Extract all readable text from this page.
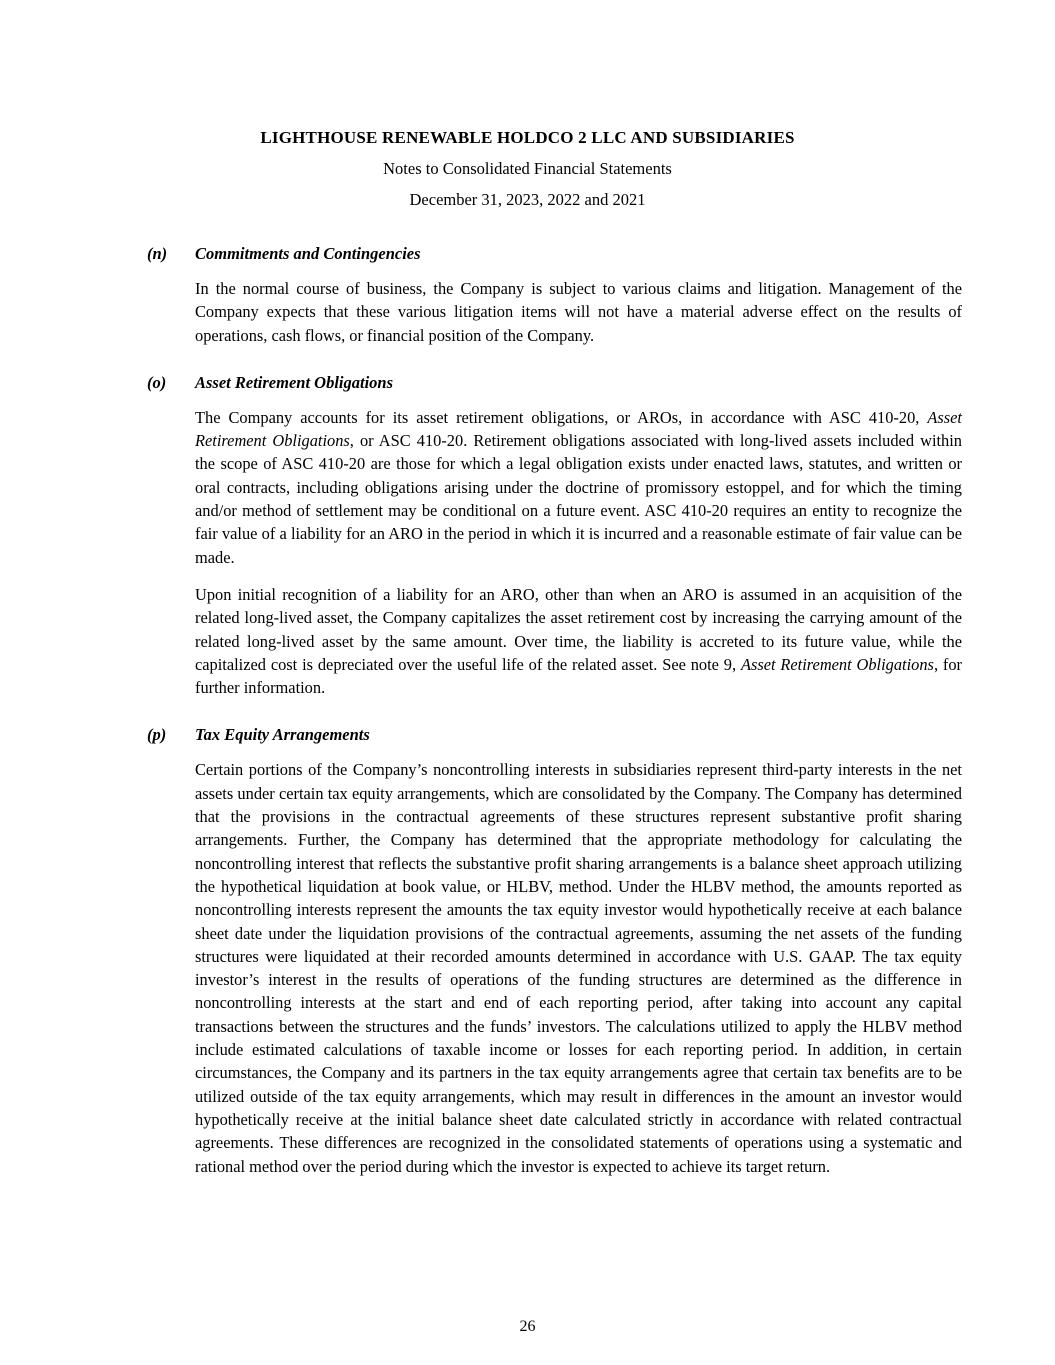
LIGHTHOUSE RENEWABLE HOLDCO 2 LLC AND SUBSIDIARIES
Notes to Consolidated Financial Statements
December 31, 2023, 2022 and 2021
(n)	Commitments and Contingencies

In the normal course of business, the Company is subject to various claims and litigation. Management of the Company expects that these various litigation items will not have a material adverse effect on the results of operations, cash flows, or financial position of the Company.

(o)	Asset Retirement Obligations

The Company accounts for its asset retirement obligations, or AROs, in accordance with ASC 410-20, Asset Retirement Obligations, or ASC 410-20. Retirement obligations associated with long-lived assets included within the scope of ASC 410-20 are those for which a legal obligation exists under enacted laws, statutes, and written or oral contracts, including obligations arising under the doctrine of promissory estoppel, and for which the timing and/or method of settlement may be conditional on a future event. ASC 410-20 requires an entity to recognize the fair value of a liability for an ARO in the period in which it is incurred and a reasonable estimate of fair value can be made.

Upon initial recognition of a liability for an ARO, other than when an ARO is assumed in an acquisition of the related long-lived asset, the Company capitalizes the asset retirement cost by increasing the carrying amount of the related long-lived asset by the same amount. Over time, the liability is accreted to its future value, while the capitalized cost is depreciated over the useful life of the related asset. See note 9, Asset Retirement Obligations, for further information.

(p)	Tax Equity Arrangements

Certain portions of the Company’s noncontrolling interests in subsidiaries represent third-party interests in the net assets under certain tax equity arrangements, which are consolidated by the Company. The Company has determined that the provisions in the contractual agreements of these structures represent substantive profit sharing arrangements. Further, the Company has determined that the appropriate methodology for calculating the noncontrolling interest that reflects the substantive profit sharing arrangements is a balance sheet approach utilizing the hypothetical liquidation at book value, or HLBV, method. Under the HLBV method, the amounts reported as noncontrolling interests represent the amounts the tax equity investor would hypothetically receive at each balance sheet date under the liquidation provisions of the contractual agreements, assuming the net assets of the funding structures were liquidated at their recorded amounts determined in accordance with U.S. GAAP. The tax equity investor’s interest in the results of operations of the funding structures are determined as the difference in noncontrolling interests at the start and end of each reporting period, after taking into account any capital transactions between the structures and the funds’ investors. The calculations utilized to apply the HLBV method include estimated calculations of taxable income or losses for each reporting period. In addition, in certain circumstances, the Company and its partners in the tax equity arrangements agree that certain tax benefits are to be utilized outside of the tax equity arrangements, which may result in differences in the amount an investor would hypothetically receive at the initial balance sheet date calculated strictly in accordance with related contractual agreements. These differences are recognized in the consolidated statements of operations using a systematic and rational method over the period during which the investor is expected to achieve its target return.

26
